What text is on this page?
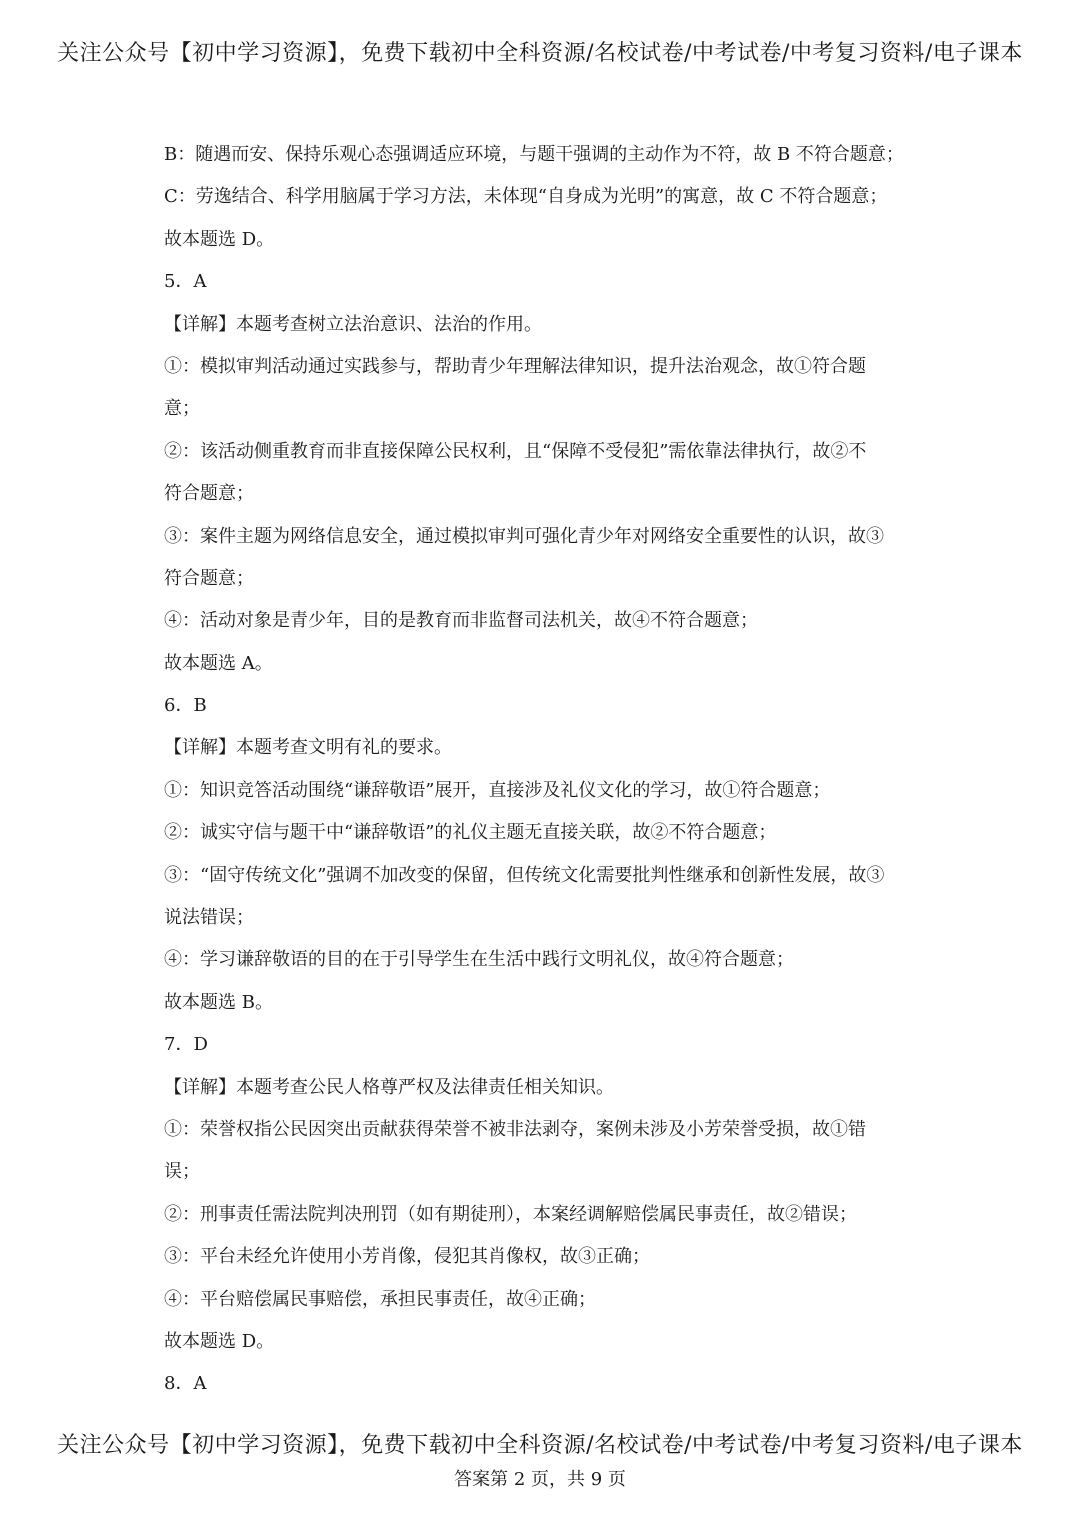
关注公众号【初中学习资源】，免费下载初中全科资源/名校试卷/中考试卷/中考复习资料/电子课本
B：随遇而安、保持乐观心态强调适应环境，与题干强调的主动作为不符，故 B 不符合题意；
C：劳逸结合、科学用脑属于学习方法，未体现“自身成为光明”的寓意，故 C 不符合题意；
故本题选 D。
5．A
【详解】本题考查树立法治意识、法治的作用。
①：模拟审判活动通过实践参与，帮助青少年理解法律知识，提升法治观念，故①符合题
意；
②：该活动侧重教育而非直接保障公民权利，且“保障不受侵犯”需依靠法律执行，故②不
符合题意；
③：案件主题为网络信息安全，通过模拟审判可强化青少年对网络安全重要性的认识，故③
符合题意；
④：活动对象是青少年，目的是教育而非监督司法机关，故④不符合题意；
故本题选 A。
6．B
【详解】本题考查文明有礼的要求。
①：知识竞答活动围绕“谦辞敬语”展开，直接涉及礼仪文化的学习，故①符合题意；
②：诚实守信与题干中“谦辞敬语”的礼仪主题无直接关联，故②不符合题意；
③：“固守传统文化”强调不加改变的保留，但传统文化需要批判性继承和创新性发展，故③
说法错误；
④：学习谦辞敬语的目的在于引导学生在生活中践行文明礼仪，故④符合题意；
故本题选 B。
7．D
【详解】本题考查公民人格尊严权及法律责任相关知识。
①：荣誉权指公民因突出贡献获得荣誉不被非法剥夺，案例未涉及小芳荣誉受损，故①错
误；
②：刑事责任需法院判决刑罚（如有期徒刑），本案经调解赔偿属民事责任，故②错误；
③：平台未经允许使用小芳肖像，侵犯其肖像权，故③正确；
④：平台赔偿属民事赔偿，承担民事责任，故④正确；
故本题选 D。
8．A
关注公众号【初中学习资源】，免费下载初中全科资源/名校试卷/中考试卷/中考复习资料/电子课本
答案第 2 页，共 9 页
